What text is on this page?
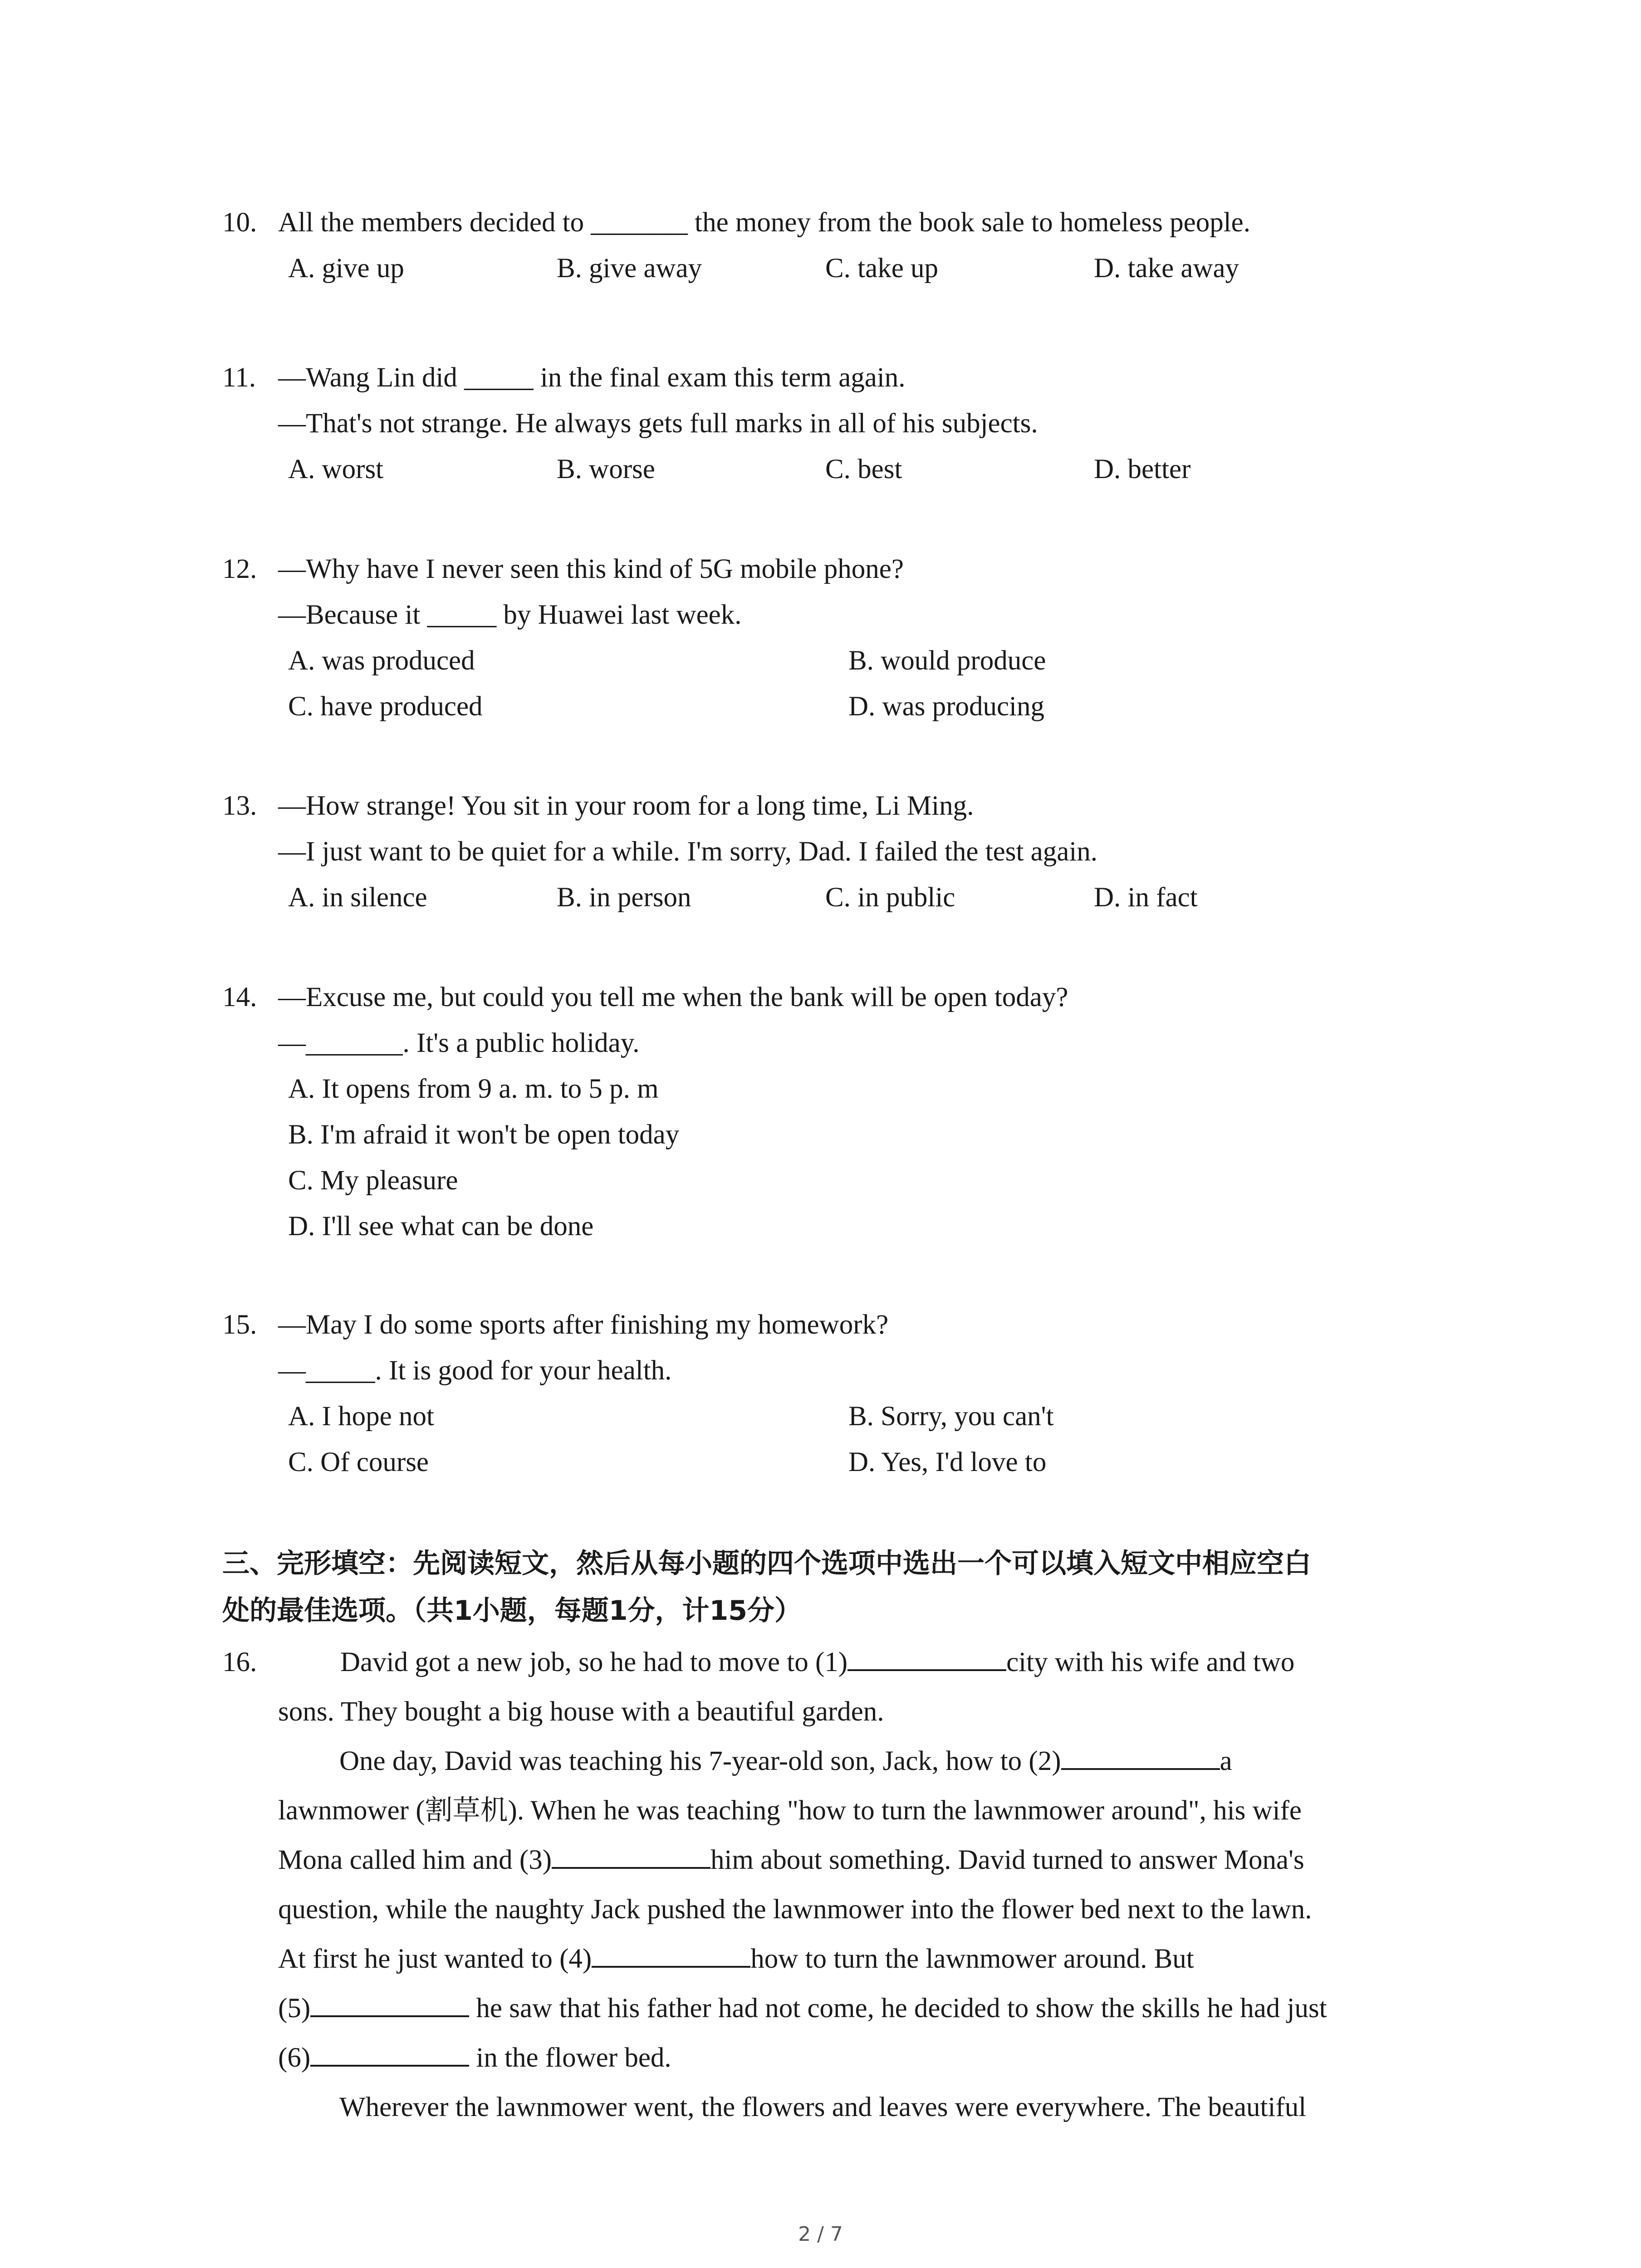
10. All the members decided to _______ the money from the book sale to homeless people.
A. give up	B. give away	C. take up	D. take away
11. —Wang Lin did _____ in the final exam this term again.
—That's not strange. He always gets full marks in all of his subjects.
A. worst	B. worse	C. best	D. better
12. —Why have I never seen this kind of 5G mobile phone?
—Because it _____ by Huawei last week.
A. was produced	B. would produce
C. have produced	D. was producing
13. —How strange! You sit in your room for a long time, Li Ming.
—I just want to be quiet for a while. I'm sorry, Dad. I failed the test again.
A. in silence	B. in person	C. in public	D. in fact
14. —Excuse me, but could you tell me when the bank will be open today?
—_______. It's a public holiday.
A. It opens from 9 a. m. to 5 p. m
B. I'm afraid it won't be open today
C. My pleasure
D. I'll see what can be done
15. —May I do some sports after finishing my homework?
—_____. It is good for your health.
A. I hope not	B. Sorry, you can't
C. Of course	D. Yes, I'd love to
三、完形填空：先阅读短文，然后从每小题的四个选项中选出一个可以填入短文中相应空白
处的最佳选项。（共1小题，每题1分，计15分）
16.	David got a new job, so he had to move to (1)	city with his wife and two
sons. They bought a big house with a beautiful garden.
One day, David was teaching his 7-year-old son, Jack, how to (2)	a
lawnmower (割草机). When he was teaching "how to turn the lawnmower around", his wife
Mona called him and (3)	him about something. David turned to answer Mona's
question, while the naughty Jack pushed the lawnmower into the flower bed next to the lawn.
At first he just wanted to (4)	how to turn the lawnmower around. But
(5)	he saw that his father had not come, he decided to show the skills he had just
(6)	in the flower bed.
Wherever the lawnmower went, the flowers and leaves were everywhere. The beautiful
2 / 7
